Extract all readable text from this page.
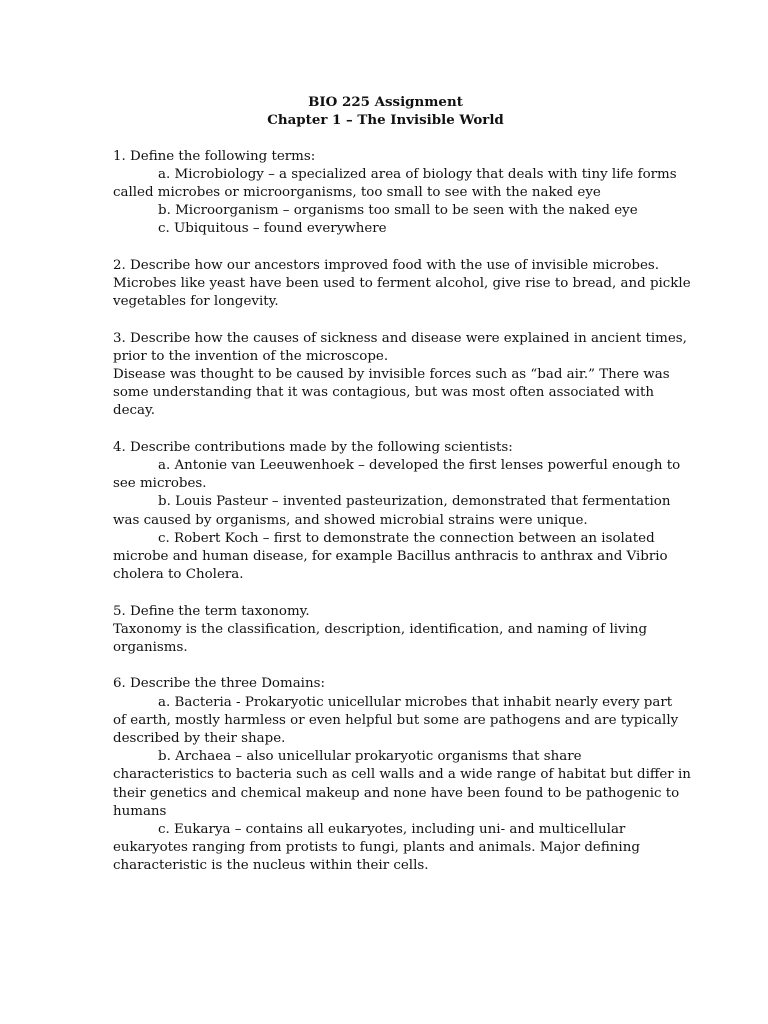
BIO 225 Assignment
Chapter 1 – The Invisible World
1. Define the following terms:
a. Microbiology – a specialized area of biology that deals with tiny life forms
called microbes or microorganisms, too small to see with the naked eye
b. Microorganism – organisms too small to be seen with the naked eye
c. Ubiquitous – found everywhere
2. Describe how our ancestors improved food with the use of invisible microbes.
Microbes like yeast have been used to ferment alcohol, give rise to bread, and pickle
vegetables for longevity.
3. Describe how the causes of sickness and disease were explained in ancient times,
prior to the invention of the microscope.
Disease was thought to be caused by invisible forces such as “bad air.” There was
some understanding that it was contagious, but was most often associated with
decay.
4. Describe contributions made by the following scientists:
a. Antonie van Leeuwenhoek – developed the first lenses powerful enough to
see microbes.
b. Louis Pasteur – invented pasteurization, demonstrated that fermentation
was caused by organisms, and showed microbial strains were unique.
c. Robert Koch – first to demonstrate the connection between an isolated
microbe and human disease, for example Bacillus anthracis to anthrax and Vibrio
cholera to Cholera.
5. Define the term taxonomy.
Taxonomy is the classification, description, identification, and naming of living
organisms.
6. Describe the three Domains:
a. Bacteria - Prokaryotic unicellular microbes that inhabit nearly every part
of earth, mostly harmless or even helpful but some are pathogens and are typically
described by their shape.
b. Archaea – also unicellular prokaryotic organisms that share
characteristics to bacteria such as cell walls and a wide range of habitat but differ in
their genetics and chemical makeup and none have been found to be pathogenic to
humans
c. Eukarya – contains all eukaryotes, including uni- and multicellular
eukaryotes ranging from protists to fungi, plants and animals. Major defining
characteristic is the nucleus within their cells.
